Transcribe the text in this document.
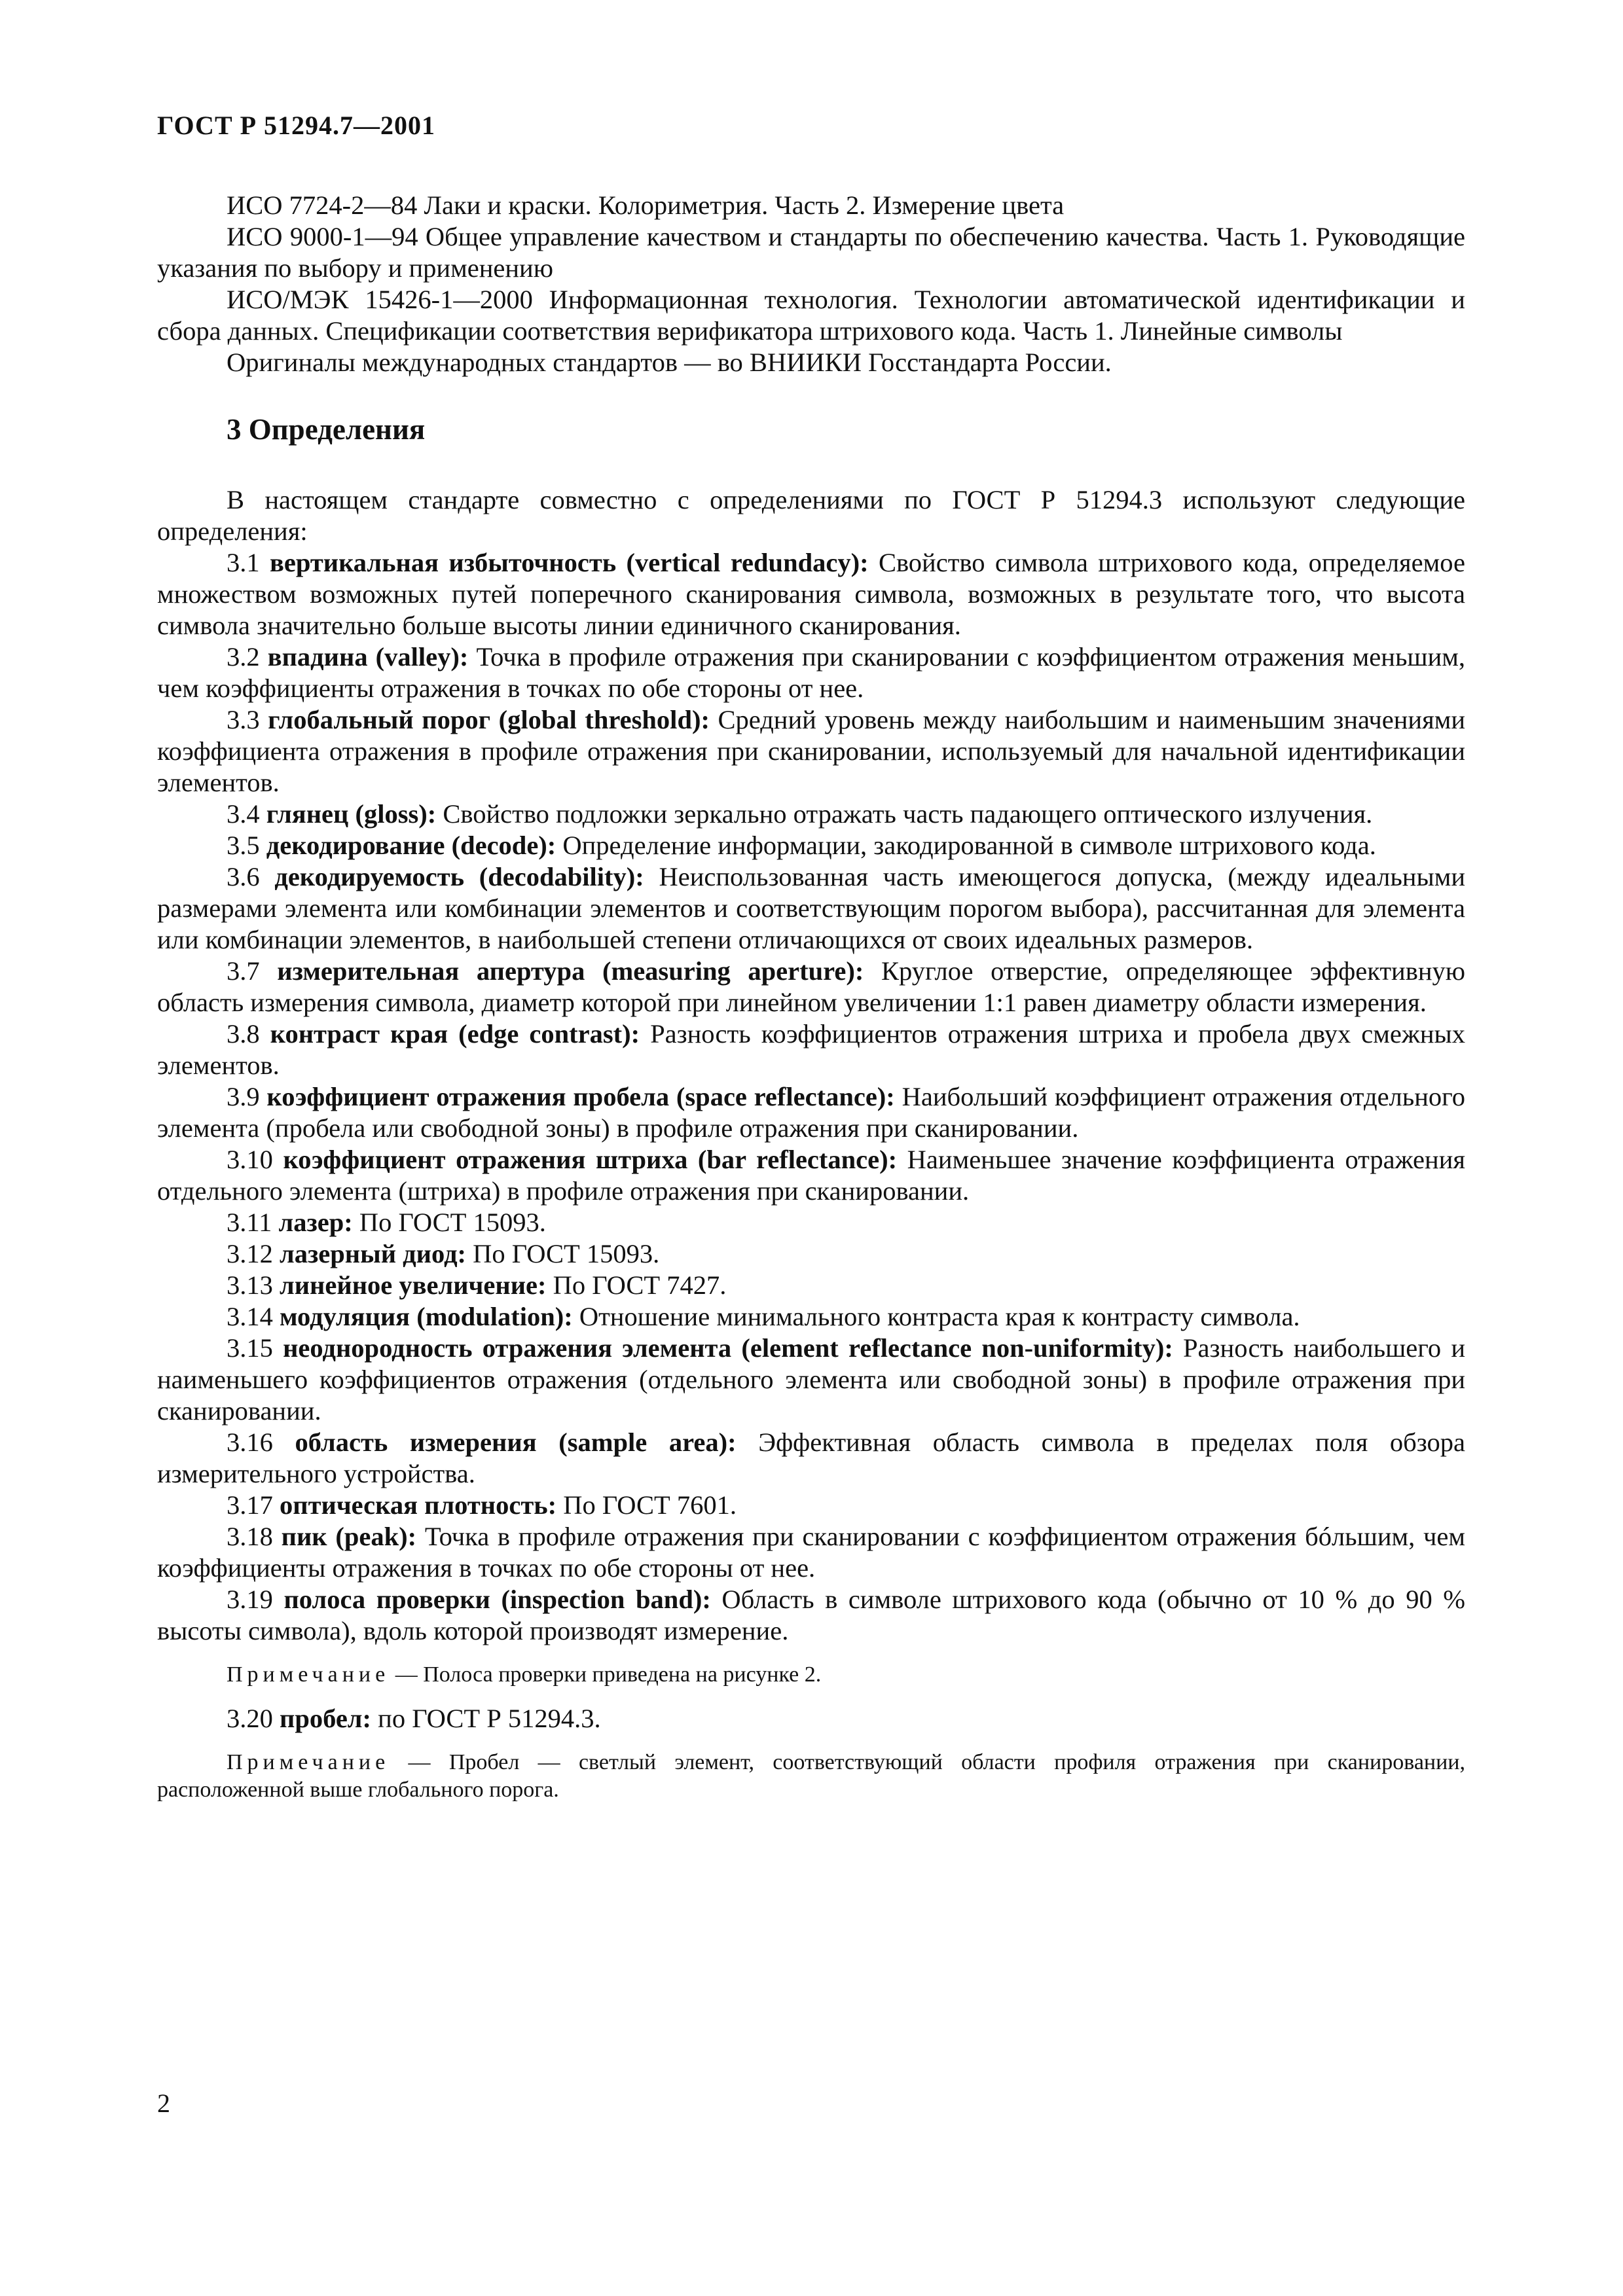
ГОСТ Р 51294.7—2001

ИСО 7724-2—84 Лаки и краски. Колориметрия. Часть 2. Измерение цвета

ИСО 9000-1—94 Общее управление качеством и стандарты по обеспечению качества. Часть 1. Руководящие указания по выбору и применению

ИСО/МЭК 15426-1—2000 Информационная технология. Технологии автоматической идентификации и сбора данных. Спецификации соответствия верификатора штрихового кода. Часть 1. Линейные символы

Оригиналы международных стандартов — во ВНИИКИ Госстандарта России.

3 Определения

В настоящем стандарте совместно с определениями по ГОСТ Р 51294.3 используют следующие определения:

3.1 вертикальная избыточность (vertical redundacy): Свойство символа штрихового кода, определяемое множеством возможных путей поперечного сканирования символа, возможных в результате того, что высота символа значительно больше высоты линии единичного сканирования.

3.2 впадина (valley): Точка в профиле отражения при сканировании с коэффициентом отражения меньшим, чем коэффициенты отражения в точках по обе стороны от нее.

3.3 глобальный порог (global threshold): Средний уровень между наибольшим и наименьшим значениями коэффициента отражения в профиле отражения при сканировании, используемый для начальной идентификации элементов.

3.4 глянец (gloss): Свойство подложки зеркально отражать часть падающего оптического излучения.

3.5 декодирование (decode): Определение информации, закодированной в символе штрихового кода.

3.6 декодируемость (decodability): Неиспользованная часть имеющегося допуска, (между идеальными размерами элемента или комбинации элементов и соответствующим порогом выбора), рассчитанная для элемента или комбинации элементов, в наибольшей степени отличающихся от своих идеальных размеров.

3.7 измерительная апертура (measuring aperture): Круглое отверстие, определяющее эффективную область измерения символа, диаметр которой при линейном увеличении 1:1 равен диаметру области измерения.

3.8 контраст края (edge contrast): Разность коэффициентов отражения штриха и пробела двух смежных элементов.

3.9 коэффициент отражения пробела (space reflectance): Наибольший коэффициент отражения отдельного элемента (пробела или свободной зоны) в профиле отражения при сканировании.

3.10 коэффициент отражения штриха (bar reflectance): Наименьшее значение коэффициента отражения отдельного элемента (штриха) в профиле отражения при сканировании.

3.11 лазер: По ГОСТ 15093.

3.12 лазерный диод: По ГОСТ 15093.

3.13 линейное увеличение: По ГОСТ 7427.

3.14 модуляция (modulation): Отношение минимального контраста края к контрасту символа.

3.15 неоднородность отражения элемента (element reflectance non-uniformity): Разность наибольшего и наименьшего коэффициентов отражения (отдельного элемента или свободной зоны) в профиле отражения при сканировании.

3.16 область измерения (sample area): Эффективная область символа в пределах поля обзора измерительного устройства.

3.17 оптическая плотность: По ГОСТ 7601.

3.18 пик (peak): Точка в профиле отражения при сканировании с коэффициентом отражения бóльшим, чем коэффициенты отражения в точках по обе стороны от нее.

3.19 полоса проверки (inspection band): Область в символе штрихового кода (обычно от 10 % до 90 % высоты символа), вдоль которой производят измерение.

Примечание — Полоса проверки приведена на рисунке 2.

3.20 пробел: по ГОСТ Р 51294.3.

Примечание — Пробел — светлый элемент, соответствующий области профиля отражения при сканировании, расположенной выше глобального порога.

2
